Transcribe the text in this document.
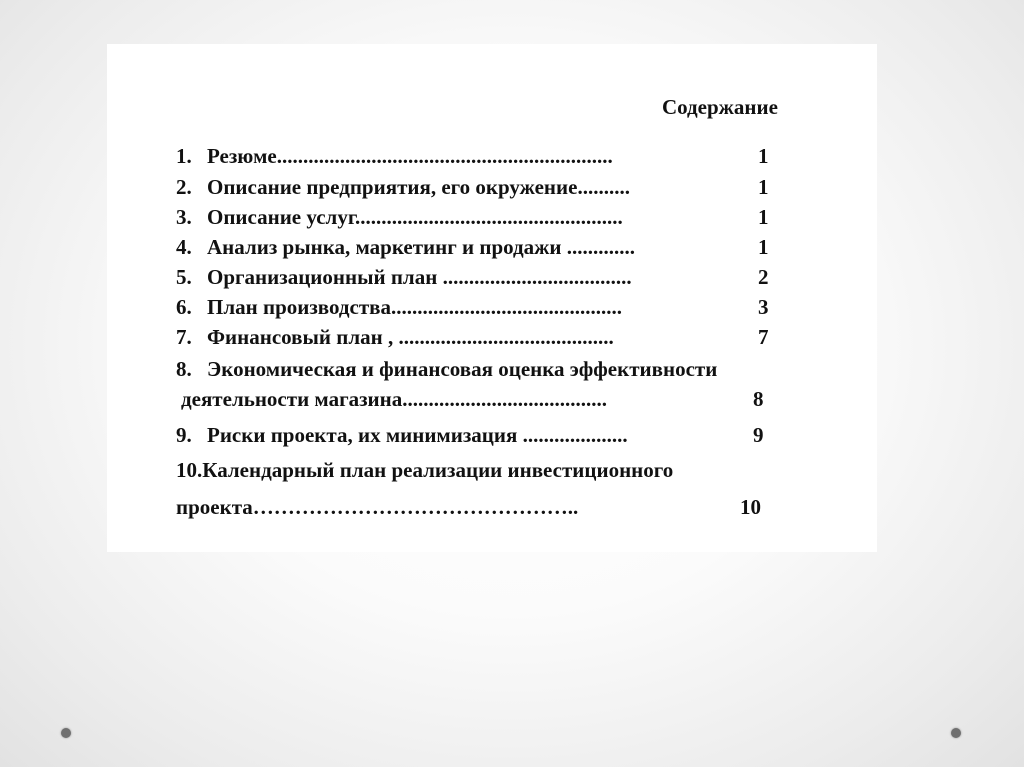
Содержание
1. Резюме................................................................	1
2. Описание предприятия, его окружение..........	1
3. Описание услуг...................................................	1
4. Анализ рынка, маркетинг и продажи .............	1
5. Организационный план ....................................	2
6. План производства............................................	3
7. Финансовый план , .........................................	7
8. Экономическая и финансовая оценка эффективности
деятельности магазина.......................................	8
9. Риски проекта, их минимизация ....................	9
10.Календарный план реализации инвестиционного
проекта………………………………………..	10
